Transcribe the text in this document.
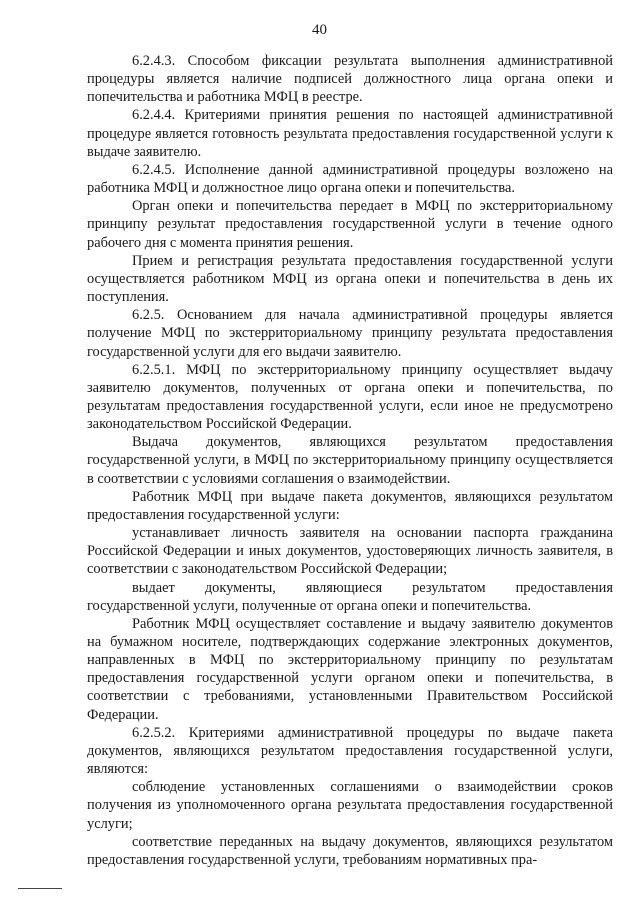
40

6.2.4.3. Способом фиксации результата выполнения административной процедуры является наличие подписей должностного лица органа опеки и попечительства и работника МФЦ в реестре.

6.2.4.4. Критериями принятия решения по настоящей административной процедуре является готовность результата предоставления государственной услуги к выдаче заявителю.

6.2.4.5. Исполнение данной административной процедуры возложено на работника МФЦ и должностное лицо органа опеки и попечительства.

Орган опеки и попечительства передает в МФЦ по экстерриториальному принципу результат предоставления государственной услуги в течение одного рабочего дня с момента принятия решения.

Прием и регистрация результата предоставления государственной услуги осуществляется работником МФЦ из органа опеки и попечительства в день их поступления.

6.2.5. Основанием для начала административной процедуры является получение МФЦ по экстерриториальному принципу результата предоставления государственной услуги для его выдачи заявителю.

6.2.5.1. МФЦ по экстерриториальному принципу осуществляет выдачу заявителю документов, полученных от органа опеки и попечительства, по результатам предоставления государственной услуги, если иное не предусмотрено законодательством Российской Федерации.

Выдача документов, являющихся результатом предоставления государственной услуги, в МФЦ по экстерриториальному принципу осуществляется в соответствии с условиями соглашения о взаимодействии.

Работник МФЦ при выдаче пакета документов, являющихся результатом предоставления государственной услуги:

устанавливает личность заявителя на основании паспорта гражданина Российской Федерации и иных документов, удостоверяющих личность заявителя, в соответствии с законодательством Российской Федерации;

выдает документы, являющиеся результатом предоставления государственной услуги, полученные от органа опеки и попечительства.

Работник МФЦ осуществляет составление и выдачу заявителю документов на бумажном носителе, подтверждающих содержание электронных документов, направленных в МФЦ по экстерриториальному принципу по результатам предоставления государственной услуги органом опеки и попечительства, в соответствии с требованиями, установленными Правительством Российской Федерации.

6.2.5.2. Критериями административной процедуры по выдаче пакета документов, являющихся результатом предоставления государственной услуги, являются:

соблюдение установленных соглашениями о взаимодействии сроков получения из уполномоченного органа результата предоставления государственной услуги;

соответствие переданных на выдачу документов, являющихся результатом предоставления государственной услуги, требованиям нормативных пра-
